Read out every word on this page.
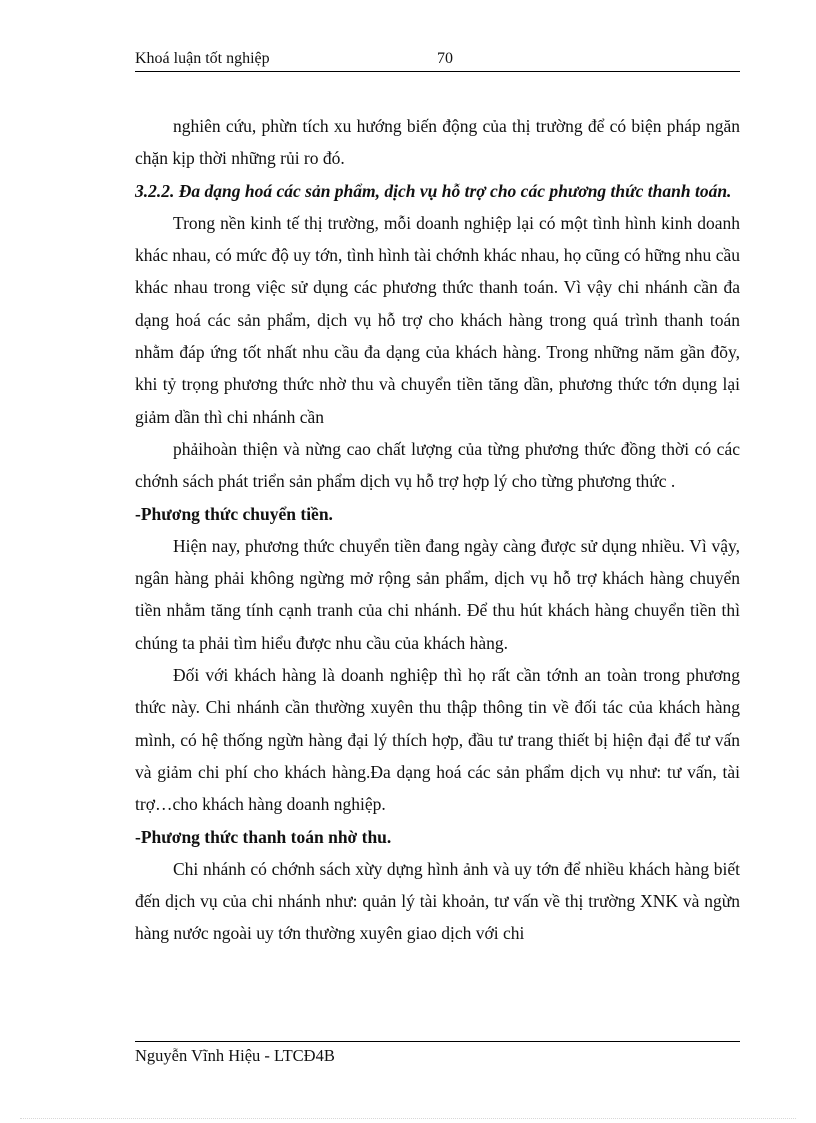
Khoá luận tốt nghiệp	70

nghiên cứu, phừn tích xu hướng biến động của thị trường để có biện pháp ngăn chặn kịp thời những rủi ro đó.

3.2.2. Đa dạng hoá các sản phẩm, dịch vụ hỗ trợ cho các phương thức thanh toán.

Trong nền kinh tế thị trường, mỗi doanh nghiệp lại có một tình hình kinh doanh khác nhau, có mức độ uy tớn, tình hình tài chớnh khác nhau, họ cũng có hững nhu cầu khác nhau trong việc sử dụng các phương thức thanh toán. Vì vậy chi nhánh cần đa dạng hoá các sản phẩm, dịch vụ hỗ trợ cho khách hàng trong quá trình thanh toán nhằm đáp ứng tốt nhất nhu cầu đa dạng của khách hàng. Trong những năm gần đõy, khi tỷ trọng phương thức nhờ thu và chuyển tiền tăng dần, phương thức tớn dụng lại giảm dần thì chi nhánh cần

phảihoàn thiện và nừng cao chất lượng của từng phương thức đồng thời có các chớnh sách phát triển sản phẩm dịch vụ hỗ trợ hợp lý cho từng phương thức .

-Phương thức chuyển tiền.

Hiện nay, phương thức chuyển tiền đang ngày càng được sử dụng nhiều. Vì vậy, ngân hàng phải không ngừng mở rộng sản phẩm, dịch vụ hỗ trợ khách hàng chuyển tiền nhằm tăng tính cạnh tranh của chi nhánh. Để thu hút khách hàng chuyển tiền thì chúng ta phải tìm hiểu được nhu cầu của khách hàng.

Đối với khách hàng là doanh nghiệp thì họ rất cần tớnh an toàn trong phương thức này. Chi nhánh cần thường xuyên thu thập thông tin về đối tác của khách hàng mình, có hệ thống ngừn hàng đại lý thích hợp, đầu tư trang thiết bị hiện đại để tư vấn và giảm chi phí cho khách hàng.Đa dạng hoá các sản phẩm dịch vụ như: tư vấn, tài trợ…cho khách hàng doanh nghiệp.

-Phương thức thanh toán nhờ thu.

Chi nhánh có chớnh sách xừy dựng hình ảnh và uy tớn để nhiều khách hàng biết đến dịch vụ của chi nhánh như: quản lý tài khoản, tư vấn về thị trường XNK và ngừn hàng nước ngoài uy tớn thường xuyên giao dịch với chi

Nguyễn Vĩnh Hiệu - LTCĐ4B
